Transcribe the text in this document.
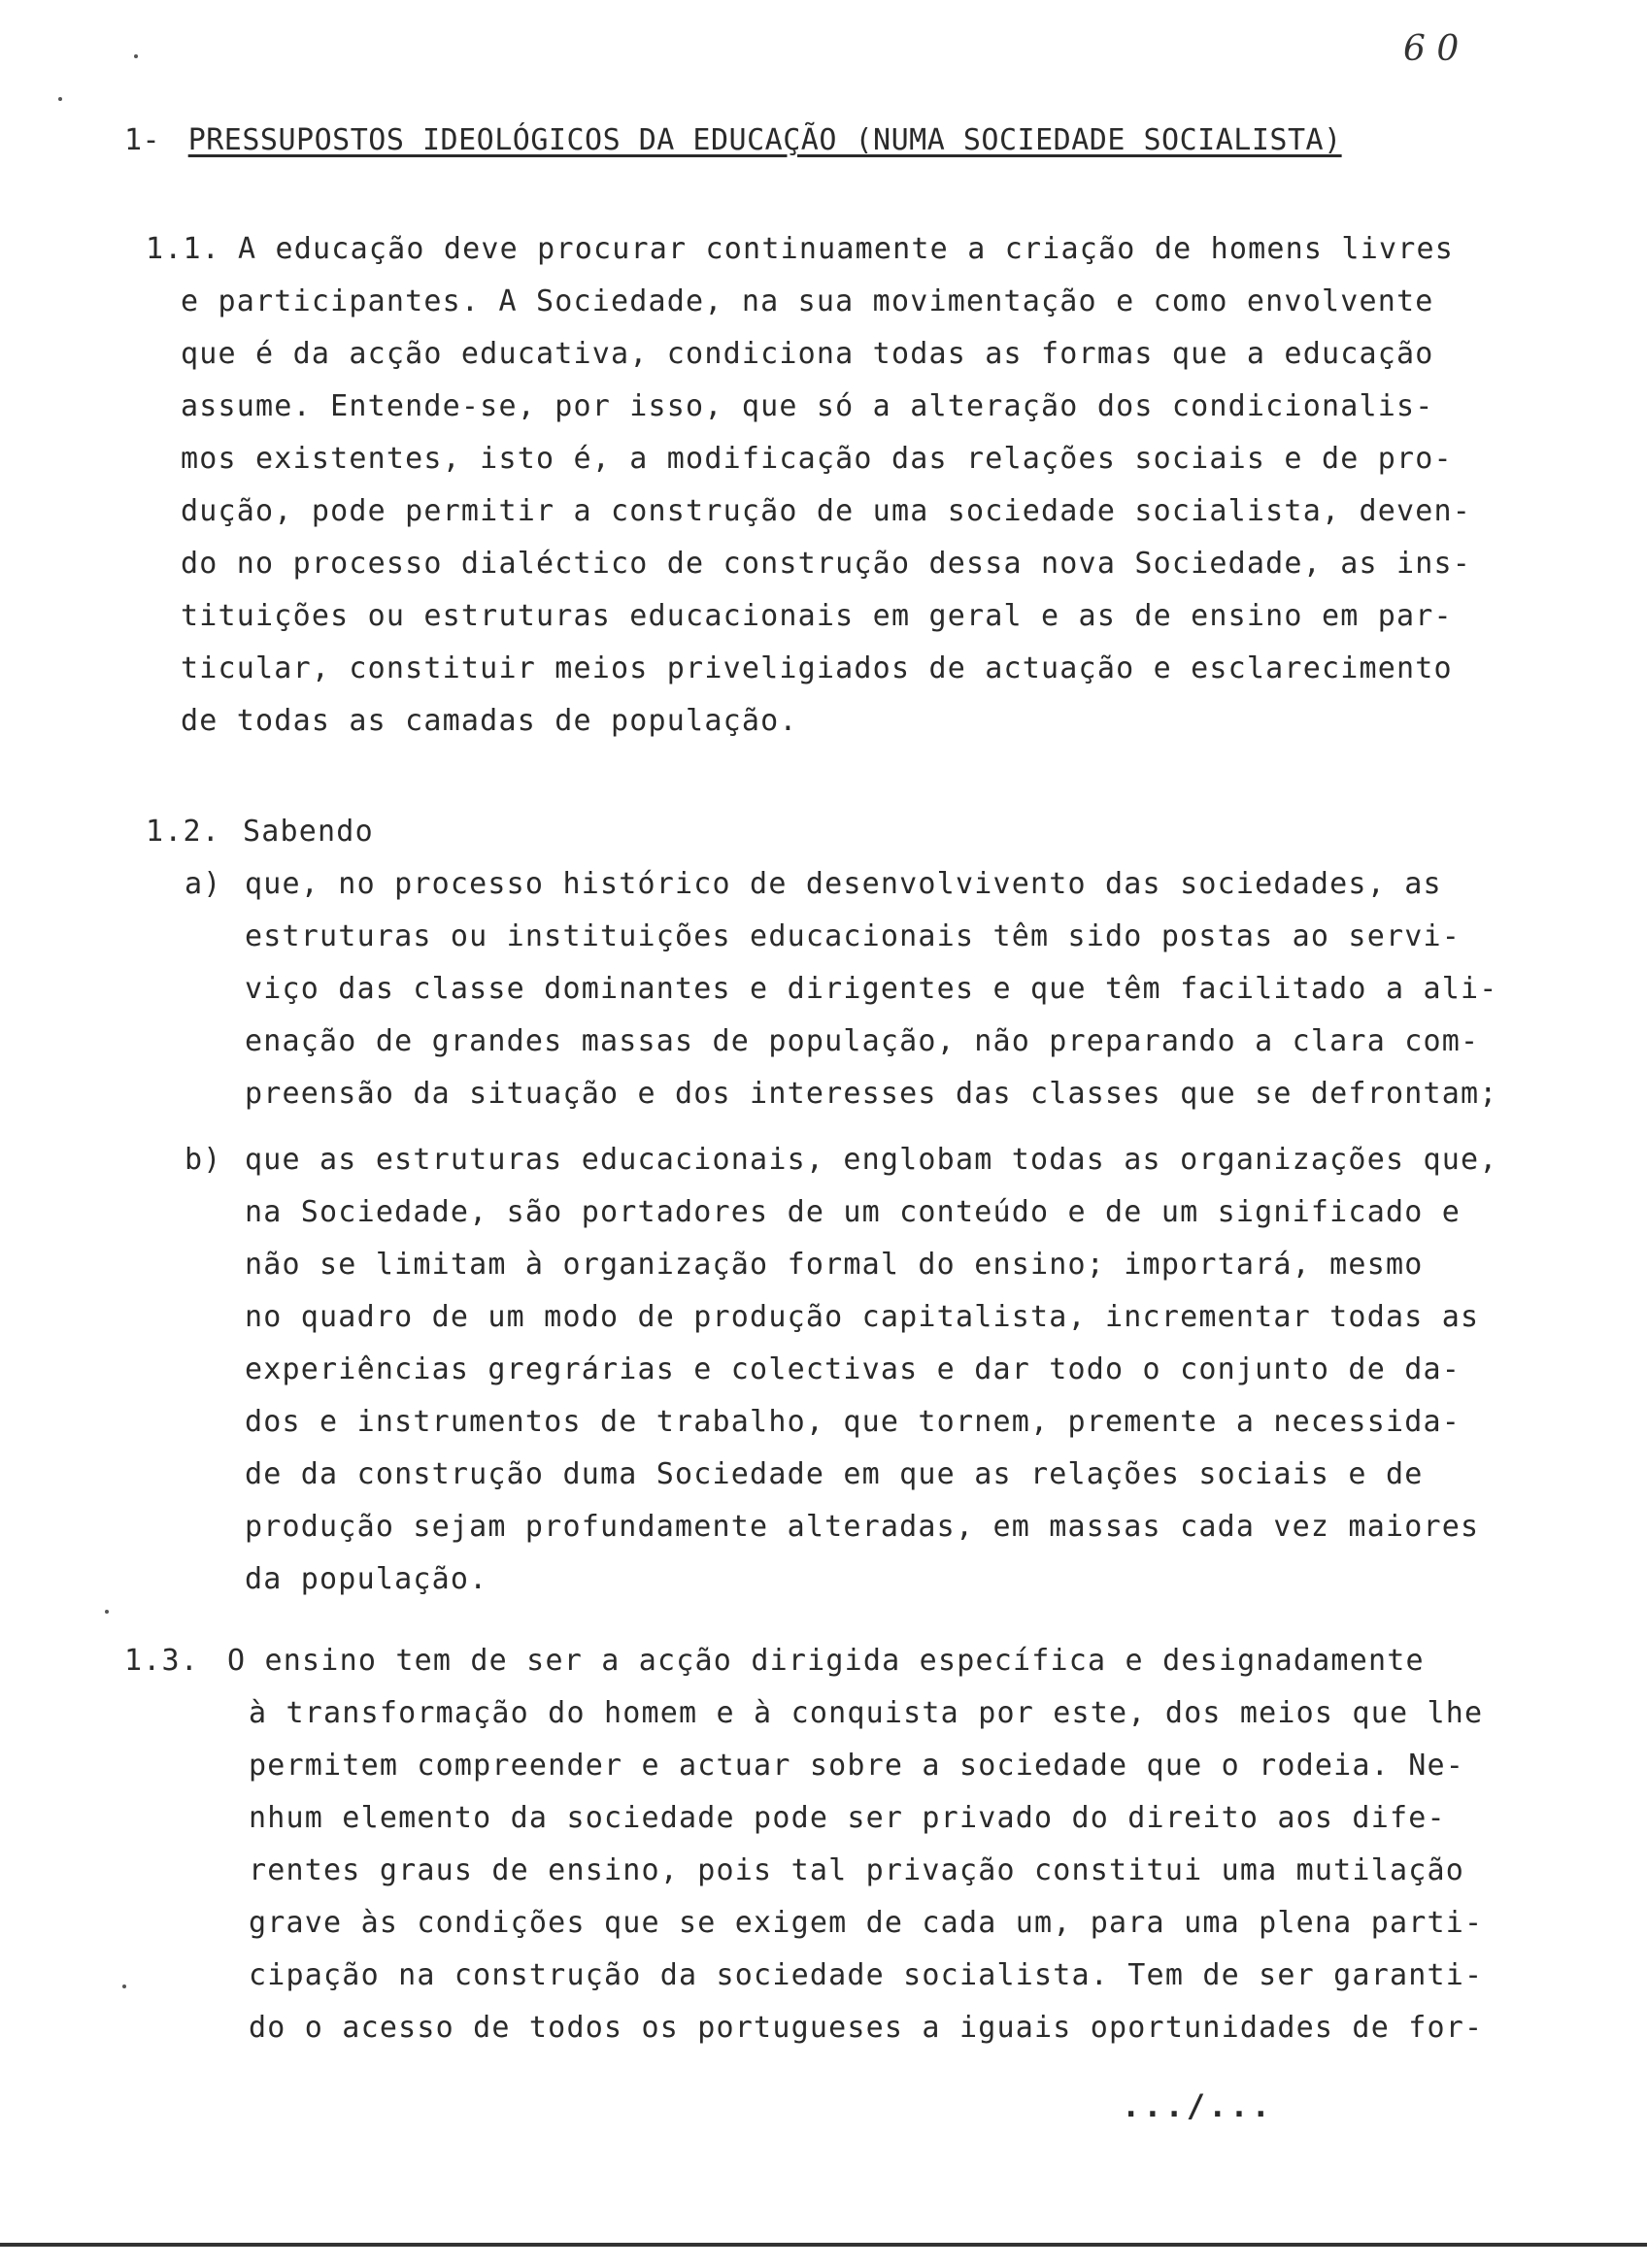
6 0
1- PRESSUPOSTOS IDEOLÓGICOS DA EDUCAÇÃO (NUMA SOCIEDADE SOCIALISTA)
1.1. A educação deve procurar continuamente a criação de homens livres
e participantes. A Sociedade, na sua movimentação e como envolvente
que é da acção educativa, condiciona todas as formas que a educação
assume. Entende-se, por isso, que só a alteração dos condicionalis-
mos existentes, isto é, a modificação das relações sociais e de pro-
dução, pode permitir a construção de uma sociedade socialista, deven-
do no processo dialéctico de construção dessa nova Sociedade, as ins-
tituições ou estruturas educacionais em geral e as de ensino em par-
ticular, constituir meios priveligiados de actuação e esclarecimento
de todas as camadas de população.
1.2. Sabendo
a) que, no processo histórico de desenvolvivento das sociedades, as
estruturas ou instituições educacionais têm sido postas ao servi-
viço das classe dominantes e dirigentes e que têm facilitado a ali-
enação de grandes massas de população, não preparando a clara com-
preensão da situação e dos interesses das classes que se defrontam;
b) que as estruturas educacionais, englobam todas as organizações que,
na Sociedade, são portadores de um conteúdo e de um significado e
não se limitam à organização formal do ensino; importará, mesmo
no quadro de um modo de produção capitalista, incrementar todas as
experiências gregrárias e colectivas e dar todo o conjunto de da-
dos e instrumentos de trabalho, que tornem, premente a necessida-
de da construção duma Sociedade em que as relações sociais e de
produção sejam profundamente alteradas, em massas cada vez maiores
da população.
1.3. O ensino tem de ser a acção dirigida específica e designadamente
à transformação do homem e à conquista por este, dos meios que lhe
permitem compreender e actuar sobre a sociedade que o rodeia. Ne-
nhum elemento da sociedade pode ser privado do direito aos dife-
rentes graus de ensino, pois tal privação constitui uma mutilação
grave às condições que se exigem de cada um, para uma plena parti-
cipação na construção da sociedade socialista. Tem de ser garanti-
do o acesso de todos os portugueses a iguais oportunidades de for-
.../...
